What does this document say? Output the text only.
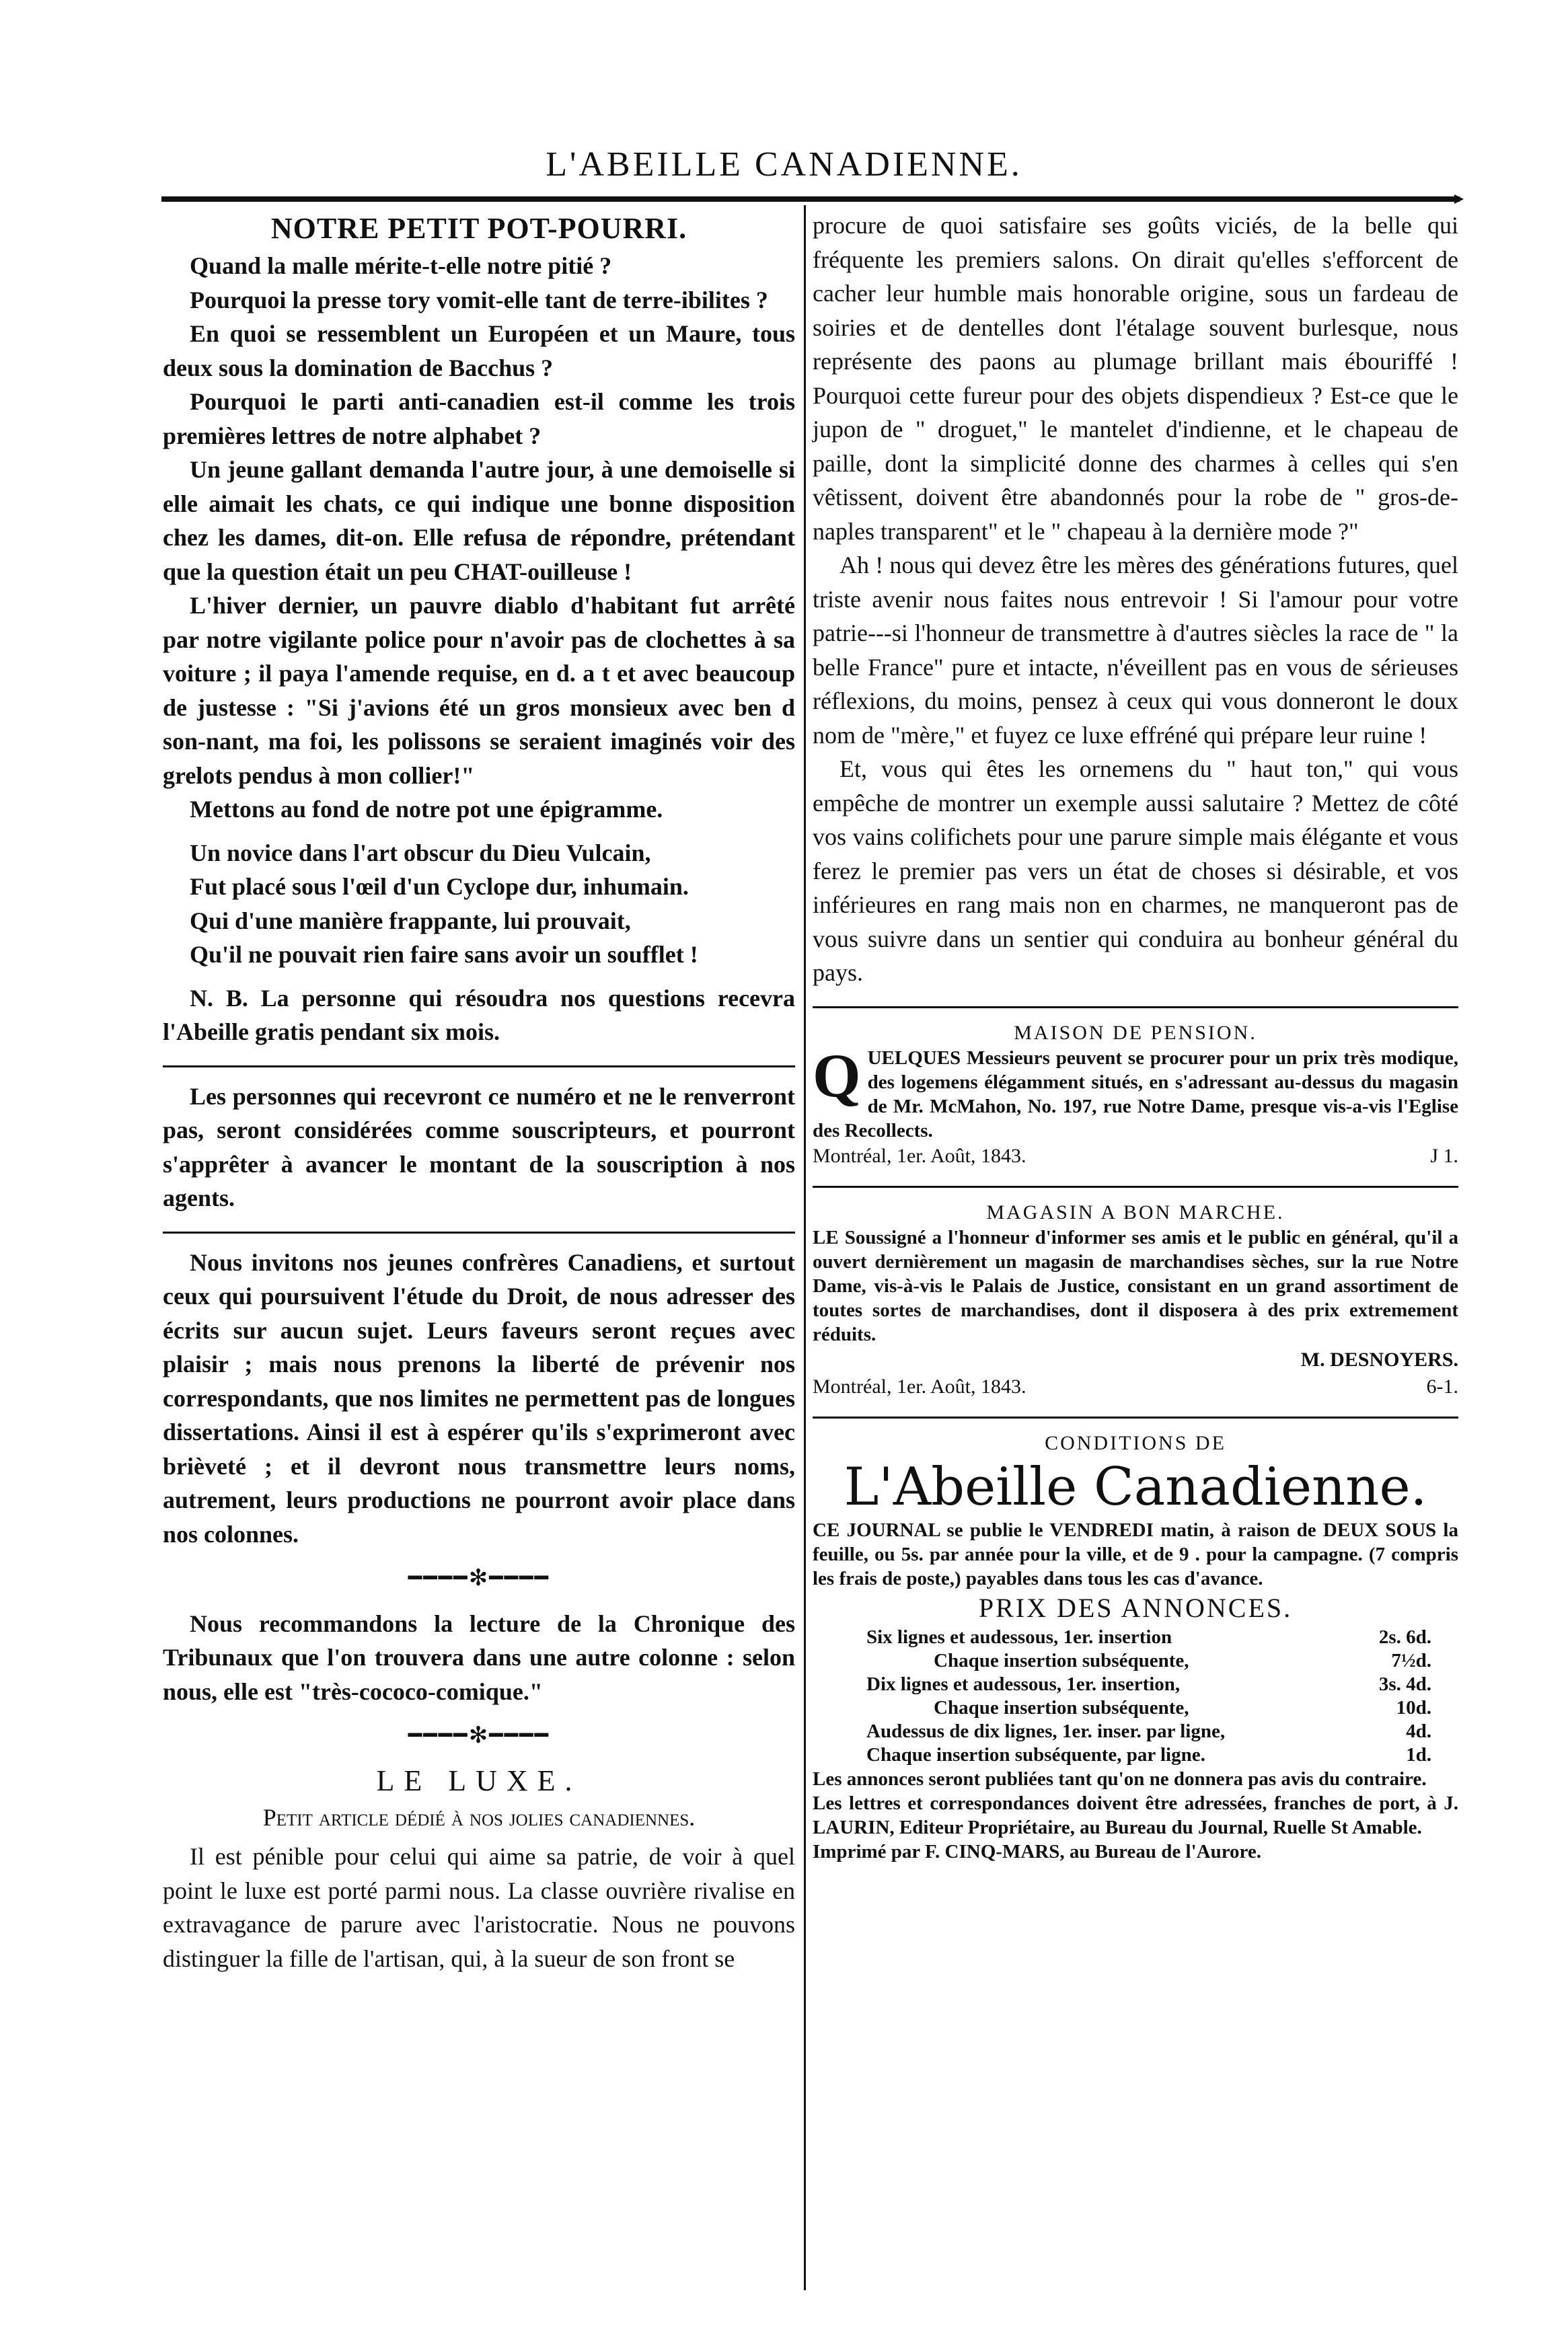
L'ABEILLE CANADIENNE.
NOTRE PETIT POT-POURRI.

Quand la malle mérite-t-elle notre pitié ?

Pourquoi la presse tory vomit-elle tant de terre-ibilites ?

En quoi se ressemblent un Européen et un Maure, tous deux sous la domination de Bacchus ?

Pourquoi le parti anti-canadien est-il comme les trois premières lettres de notre alphabet ?

Un jeune gallant demanda l'autre jour, à une demoiselle si elle aimait les chats, ce qui indique une bonne disposition chez les dames, dit-on. Elle refusa de répondre, prétendant que la question était un peu CHAT-ouilleuse !

L'hiver dernier, un pauvre diablo d'habitant fut arrêté par notre vigilante police pour n'avoir pas de clochettes à sa voiture ; il paya l'amende requise, en d. a t et avec beaucoup de justesse : "Si j'avions été un gros monsieux avec ben d son-nant, ma foi, les polissons se seraient imaginés voir des grelots pendus à mon collier!"

Mettons au fond de notre pot une épigramme.

Un novice dans l'art obscur du Dieu Vulcain,
Fut placé sous l'œil d'un Cyclope dur, inhumain.
Qui d'une manière frappante, lui prouvait,
Qu'il ne pouvait rien faire sans avoir un soufflet !

N. B. La personne qui résoudra nos questions recevra l'Abeille gratis pendant six mois.

Les personnes qui recevront ce numéro et ne le renverront pas, seront considérées comme souscripteurs, et pourront s'apprêter à avancer le montant de la souscription à nos agents.

Nous invitons nos jeunes confrères Canadiens, et surtout ceux qui poursuivent l'étude du Droit, de nous adresser des écrits sur aucun sujet. Leurs faveurs seront reçues avec plaisir ; mais nous prenons la liberté de prévenir nos correspondants, que nos limites ne permettent pas de longues dissertations. Ainsi il est à espérer qu'ils s'exprimeront avec brièveté ; et il devront nous transmettre leurs noms, autrement, leurs productions ne pourront avoir place dans nos colonnes.

━━━━✻━━━━

Nous recommandons la lecture de la Chronique des Tribunaux que l'on trouvera dans une autre colonne : selon nous, elle est "très-cococo-comique."

━━━━✻━━━━
LE LUXE.
Petit article dédié à nos jolies canadiennes.

Il est pénible pour celui qui aime sa patrie, de voir à quel point le luxe est porté parmi nous. La classe ouvrière rivalise en extravagance de parure avec l'aristocratie. Nous ne pouvons distinguer la fille de l'artisan, qui, à la sueur de son front se

procure de quoi satisfaire ses goûts viciés, de la belle qui fréquente les premiers salons. On dirait qu'elles s'efforcent de cacher leur humble mais honorable origine, sous un fardeau de soiries et de dentelles dont l'étalage souvent burlesque, nous représente des paons au plumage brillant mais ébouriffé ! Pourquoi cette fureur pour des objets dispendieux ? Est-ce que le jupon de " droguet," le mantelet d'indienne, et le chapeau de paille, dont la simplicité donne des charmes à celles qui s'en vêtissent, doivent être abandonnés pour la robe de " gros-de-naples transparent" et le " chapeau à la dernière mode ?"

Ah ! nous qui devez être les mères des générations futures, quel triste avenir nous faites nous entrevoir ! Si l'amour pour votre patrie---si l'honneur de transmettre à d'autres siècles la race de " la belle France" pure et intacte, n'éveillent pas en vous de sérieuses réflexions, du moins, pensez à ceux qui vous donneront le doux nom de "mère," et fuyez ce luxe effréné qui prépare leur ruine !

Et, vous qui êtes les ornemens du " haut ton," qui vous empêche de montrer un exemple aussi salutaire ? Mettez de côté vos vains colifichets pour une parure simple mais élégante et vous ferez le premier pas vers un état de choses si désirable, et vos inférieures en rang mais non en charmes, ne manqueront pas de vous suivre dans un sentier qui conduira au bonheur général du pays.

MAISON DE PENSION.
QUELQUES Messieurs peuvent se procurer pour un prix très modique, des logemens élégamment situés, en s'adressant au-dessus du magasin de Mr. McMahon, No. 197, rue Notre Dame, presque vis-a-vis l'Eglise des Recollects.
Montréal, 1er. Août, 1843.	J 1.
MAGASIN A BON MARCHE.
LE Soussigné a l'honneur d'informer ses amis et le public en général, qu'il a ouvert dernièrement un magasin de marchandises sèches, sur la rue Notre Dame, vis-à-vis le Palais de Justice, consistant en un grand assortiment de toutes sortes de marchandises, dont il disposera à des prix extremement réduits.
M. DESNOYERS.
Montréal, 1er. Août, 1843.	6-1.
CONDITIONS DE
L'Abeille Canadienne.
CE JOURNAL se publie le VENDREDI matin, à raison de DEUX SOUS la feuille, ou 5s. par année pour la ville, et de 9 . pour la campagne. (7 compris les frais de poste,) payables dans tous les cas d'avance.
PRIX DES ANNONCES.
Six lignes et audessous, 1er. insertion	2s. 6d.
Chaque insertion subséquente,	7½d.
Dix lignes et audessous, 1er. insertion,	3s. 4d.
Chaque insertion subséquente,	10d.
Audessus de dix lignes, 1er. inser. par ligne,	4d.
Chaque insertion subséquente, par ligne.	1d.
Les annonces seront publiées tant qu'on ne donnera pas avis du contraire.
Les lettres et correspondances doivent être adressées, franches de port, à J. LAURIN, Editeur Propriétaire, au Bureau du Journal, Ruelle St Amable.
Imprimé par F. CINQ-MARS, au Bureau de l'Aurore.
